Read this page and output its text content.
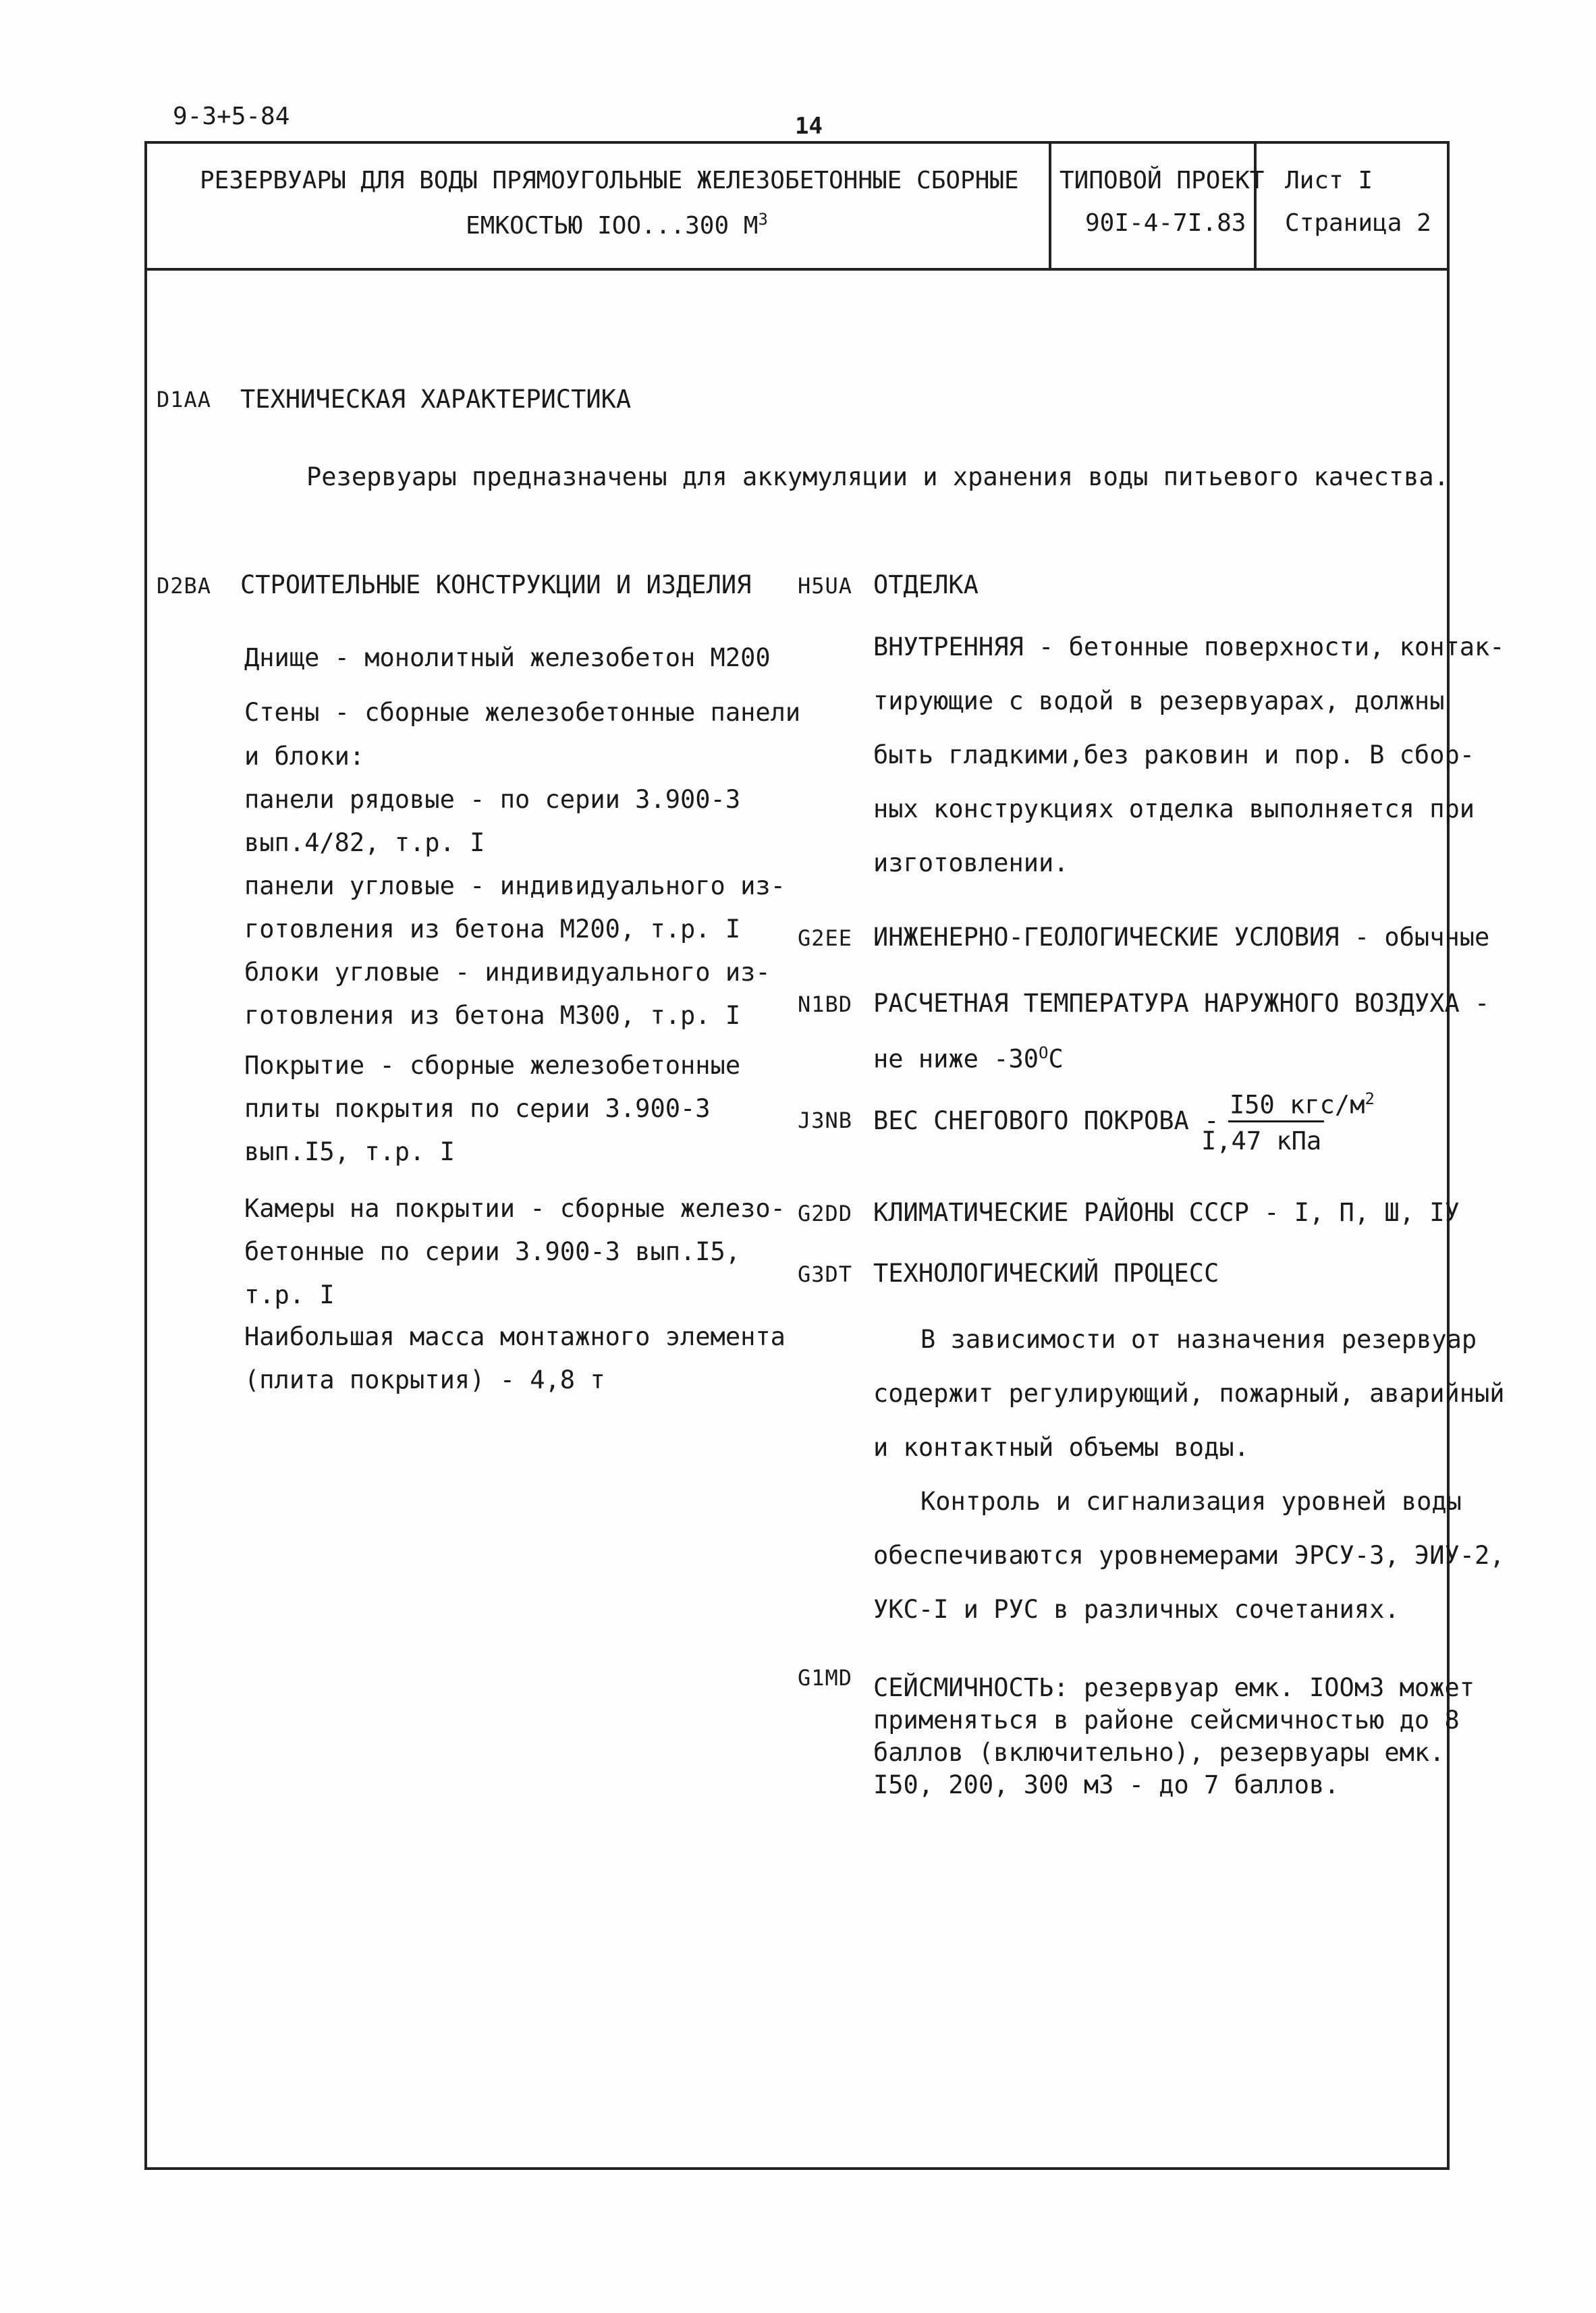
9-3+5-84	14
РЕЗЕРВУАРЫ ДЛЯ ВОДЫ ПРЯМОУГОЛЬНЫЕ ЖЕЛЕЗОБЕТОННЫЕ СБОРНЫЕ
ЕМКОСТЬЮ IOO...300 $М^3$
ТИПОВОЙ ПРОЕКТ
90I-4-7I.83
Лист I
Страница 2
D1AA ТЕХНИЧЕСКАЯ ХАРАКТЕРИСТИКА
Резервуары предназначены для аккумуляции и хранения воды питьевого качества.
D2BA СТРОИТЕЛЬНЫЕ КОНСТРУКЦИИ И ИЗДЕЛИЯ
Днище - монолитный железобетон М200
Стены - сборные железобетонные панели
и блоки:
панели рядовые - по серии 3.900-3
вып.4/82, т.р. I
панели угловые - индивидуального из-
готовления из бетона М200, т.р. I
блоки угловые - индивидуального из-
готовления из бетона М300, т.р. I
Покрытие - сборные железобетонные
плиты покрытия по серии 3.900-3
вып.I5, т.р. I
Камеры на покрытии - сборные железо-
бетонные по серии 3.900-3 вып.I5,
т.р. I
Наибольшая масса монтажного элемента
(плита покрытия) - 4,8 т
H5UA ОТДЕЛКА
ВНУТРЕННЯЯ - бетонные поверхности, контак-
тирующие с водой в резервуарах, должны
быть гладкими,без раковин и пор. В сбор-
ных конструкциях отделка выполняется при
изготовлении.
G2EE ИНЖЕНЕРНО-ГЕОЛОГИЧЕСКИЕ УСЛОВИЯ - обычные
N1BD РАСЧЕТНАЯ ТЕМПЕРАТУРА НАРУЖНОГО ВОЗДУХА -
не ниже $-30^OС$
J3NB ВЕС СНЕГОВОГО ПОКРОВА -
I50 кгс/$м^2$
I,47 кПа
G2DD КЛИМАТИЧЕСКИЕ РАЙОНЫ СССР - I, П, Ш, IУ
G3DT ТЕХНОЛОГИЧЕСКИЙ ПРОЦЕСС
В зависимости от назначения резервуар
содержит регулирующий, пожарный, аварийный
и контактный объемы воды.
Контроль и сигнализация уровней воды
обеспечиваются уровнемерами ЭРСУ-3, ЭИУ-2,
УКС-I и РУС в различных сочетаниях.
G1MD СЕЙСМИЧНОСТЬ: резервуар емк. IOOм3 может
применяться в районе сейсмичностью до 8
баллов (включительно), резервуары емк.
I50, 200, 300 м3 - до 7 баллов.
